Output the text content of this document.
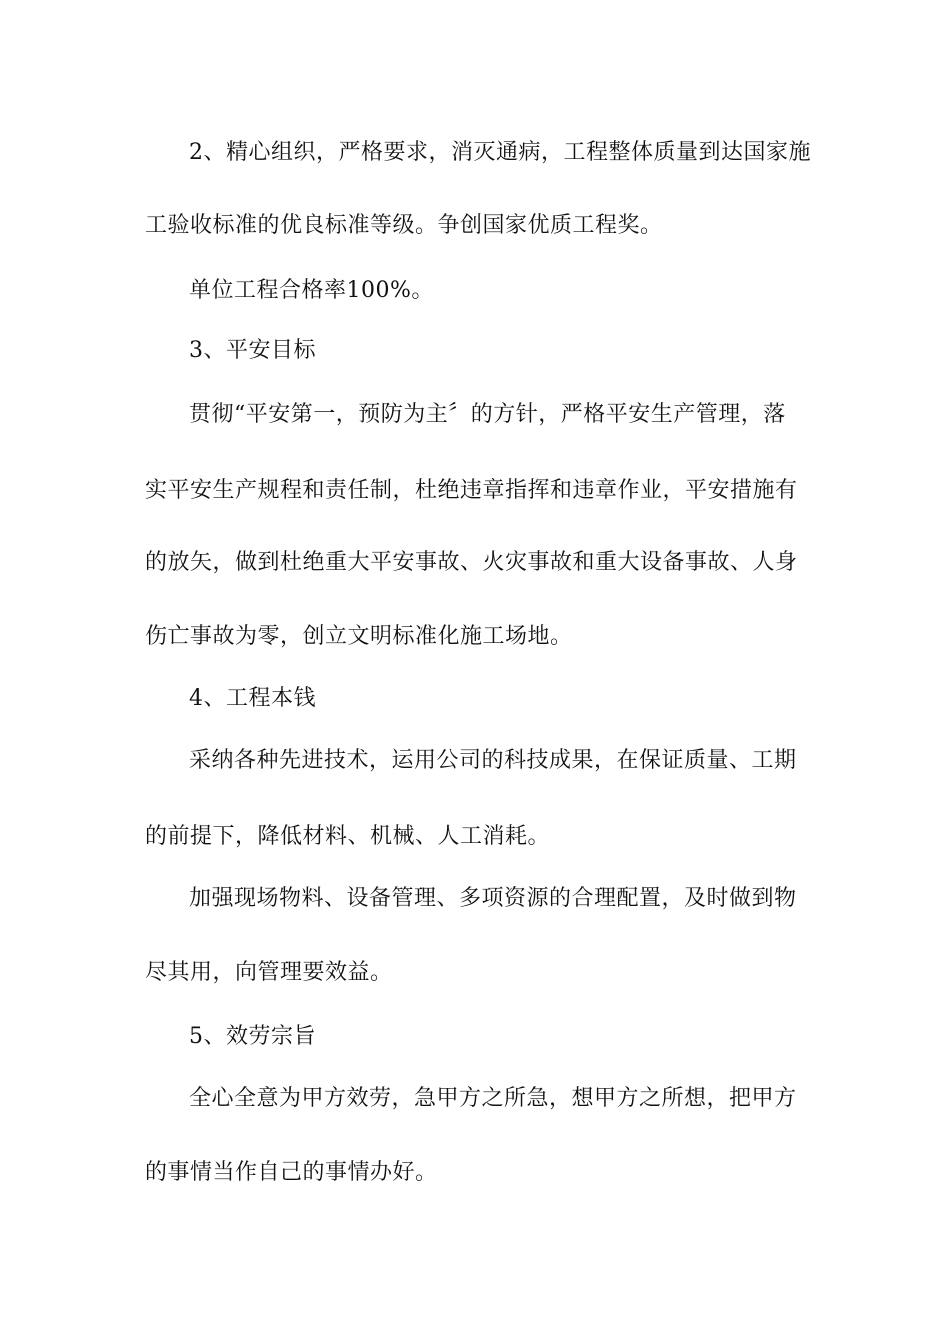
2、精心组织，严格要求，消灭通病，工程整体质量到达国家施
工验收标准的优良标准等级。争创国家优质工程奖。
单位工程合格率100%。
3、平安目标
贯彻“平安第一，预防为主〞的方针，严格平安生产管理，落
实平安生产规程和责任制，杜绝违章指挥和违章作业，平安措施有
的放矢，做到杜绝重大平安事故、火灾事故和重大设备事故、人身
伤亡事故为零，创立文明标准化施工场地。
4、工程本钱
采纳各种先进技术，运用公司的科技成果，在保证质量、工期
的前提下，降低材料、机械、人工消耗。
加强现场物料、设备管理、多项资源的合理配置，及时做到物
尽其用，向管理要效益。
5、效劳宗旨
全心全意为甲方效劳，急甲方之所急，想甲方之所想，把甲方
的事情当作自己的事情办好。
